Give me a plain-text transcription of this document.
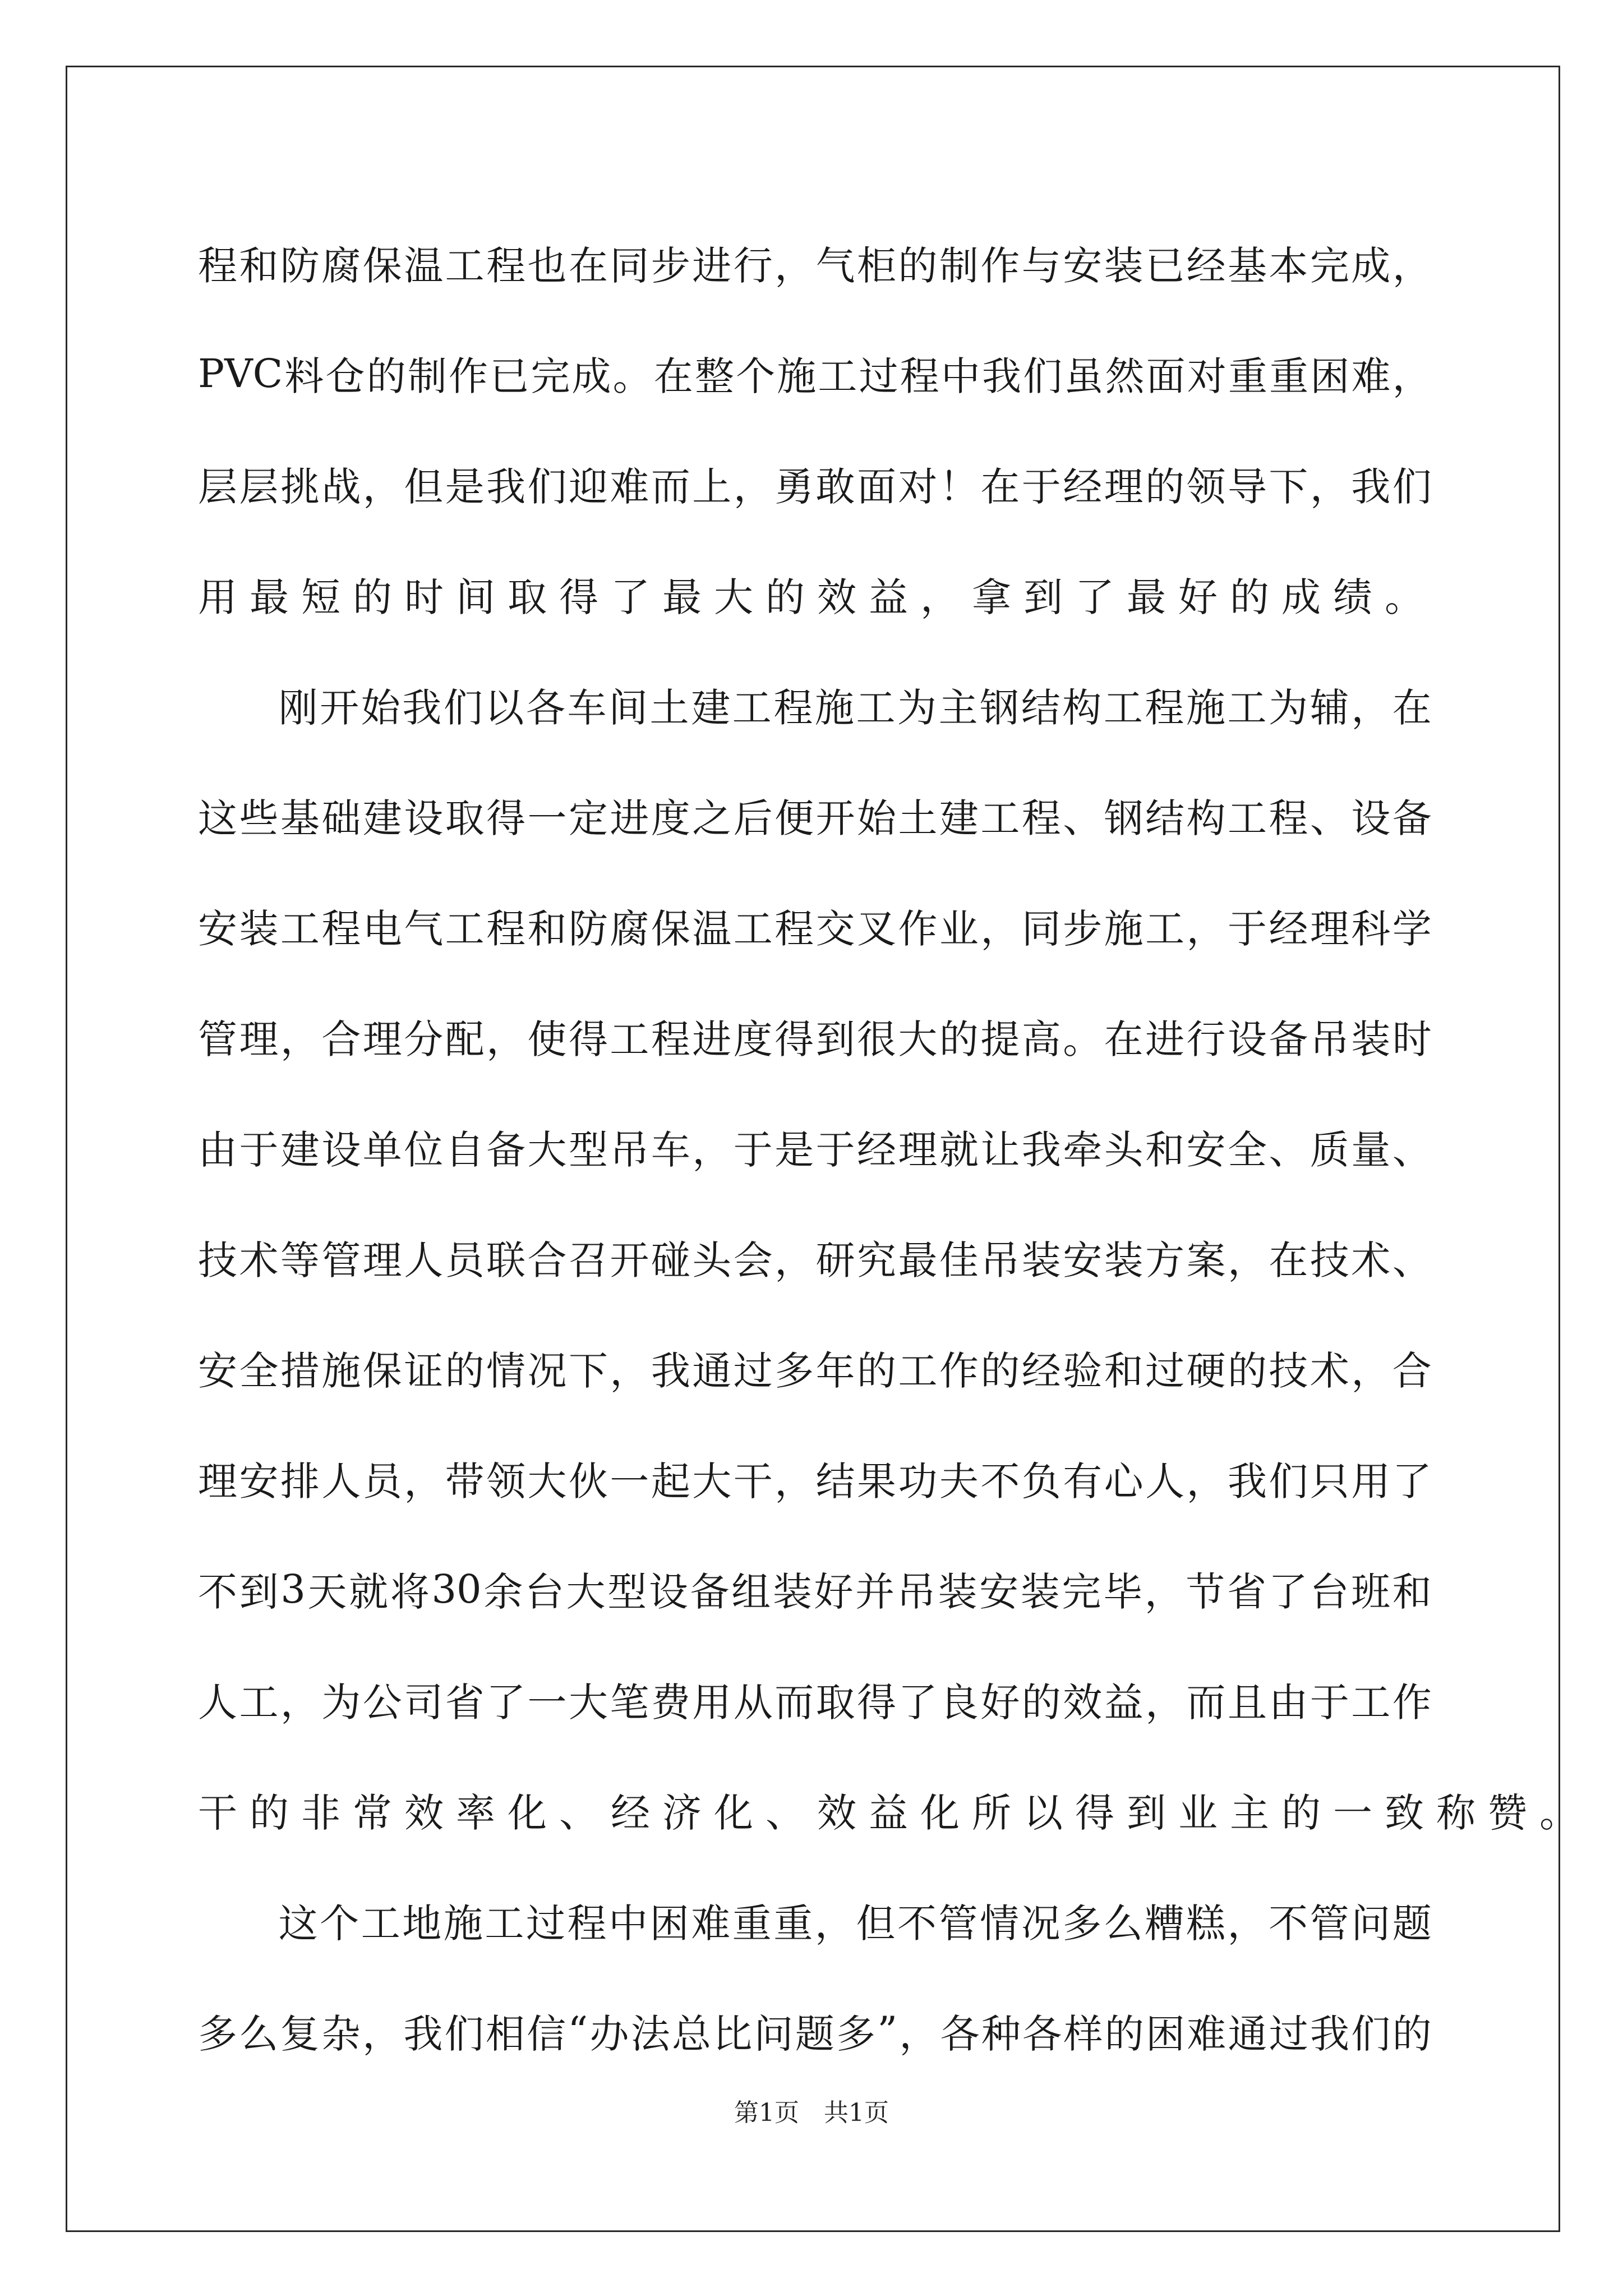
程 和 防 腐 保 温 工 程 也 在 同 步 进 行 ， 气 柜 的 制 作 与 安 装 已 经 基 本 完 成 ，
PVC 料 仓 的 制 作 已 完 成 。 在 整 个 施 工 过 程 中 我 们 虽 然 面 对 重 重 困 难 ，
层 层 挑 战 ， 但 是 我 们 迎 难 而 上 ， 勇 敢 面 对 ！ 在 于 经 理 的 领 导 下 ， 我 们
用最短的时间取得了最大的效益，拿到了最好的成绩。
刚 开 始 我 们 以 各 车 间 土 建 工 程 施 工 为 主 钢 结 构 工 程 施 工 为 辅 ， 在
这 些 基 础 建 设 取 得 一 定 进 度 之 后 便 开 始 土 建 工 程 、 钢 结 构 工 程 、 设 备
安 装 工 程 电 气 工 程 和 防 腐 保 温 工 程 交 叉 作 业 ， 同 步 施 工 ， 于 经 理 科 学
管 理 ， 合 理 分 配 ， 使 得 工 程 进 度 得 到 很 大 的 提 高 。 在 进 行 设 备 吊 装 时
由 于 建 设 单 位 自 备 大 型 吊 车 ， 于 是 于 经 理 就 让 我 牵 头 和 安 全 、 质 量 、
技 术 等 管 理 人 员 联 合 召 开 碰 头 会 ， 研 究 最 佳 吊 装 安 装 方 案 ， 在 技 术 、
安 全 措 施 保 证 的 情 况 下 ， 我 通 过 多 年 的 工 作 的 经 验 和 过 硬 的 技 术 ， 合
理 安 排 人 员 ， 带 领 大 伙 一 起 大 干 ， 结 果 功 夫 不 负 有 心 人 ， 我 们 只 用 了
不 到 3 天 就 将 30 余 台 大 型 设 备 组 装 好 并 吊 装 安 装 完 毕 ， 节 省 了 台 班 和
人 工 ， 为 公 司 省 了 一 大 笔 费 用 从 而 取 得 了 良 好 的 效 益 ， 而 且 由 于 工 作
干的非常效率化、经济化、效益化所以得到业主的一致称赞。
这 个 工 地 施 工 过 程 中 困 难 重 重 ， 但 不 管 情 况 多 么 糟 糕 ， 不 管 问 题
多 么 复 杂 ， 我 们 相 信 “ 办 法 总 比 问 题 多 ” ， 各 种 各 样 的 困 难 通 过 我 们 的
第1页　共1页
